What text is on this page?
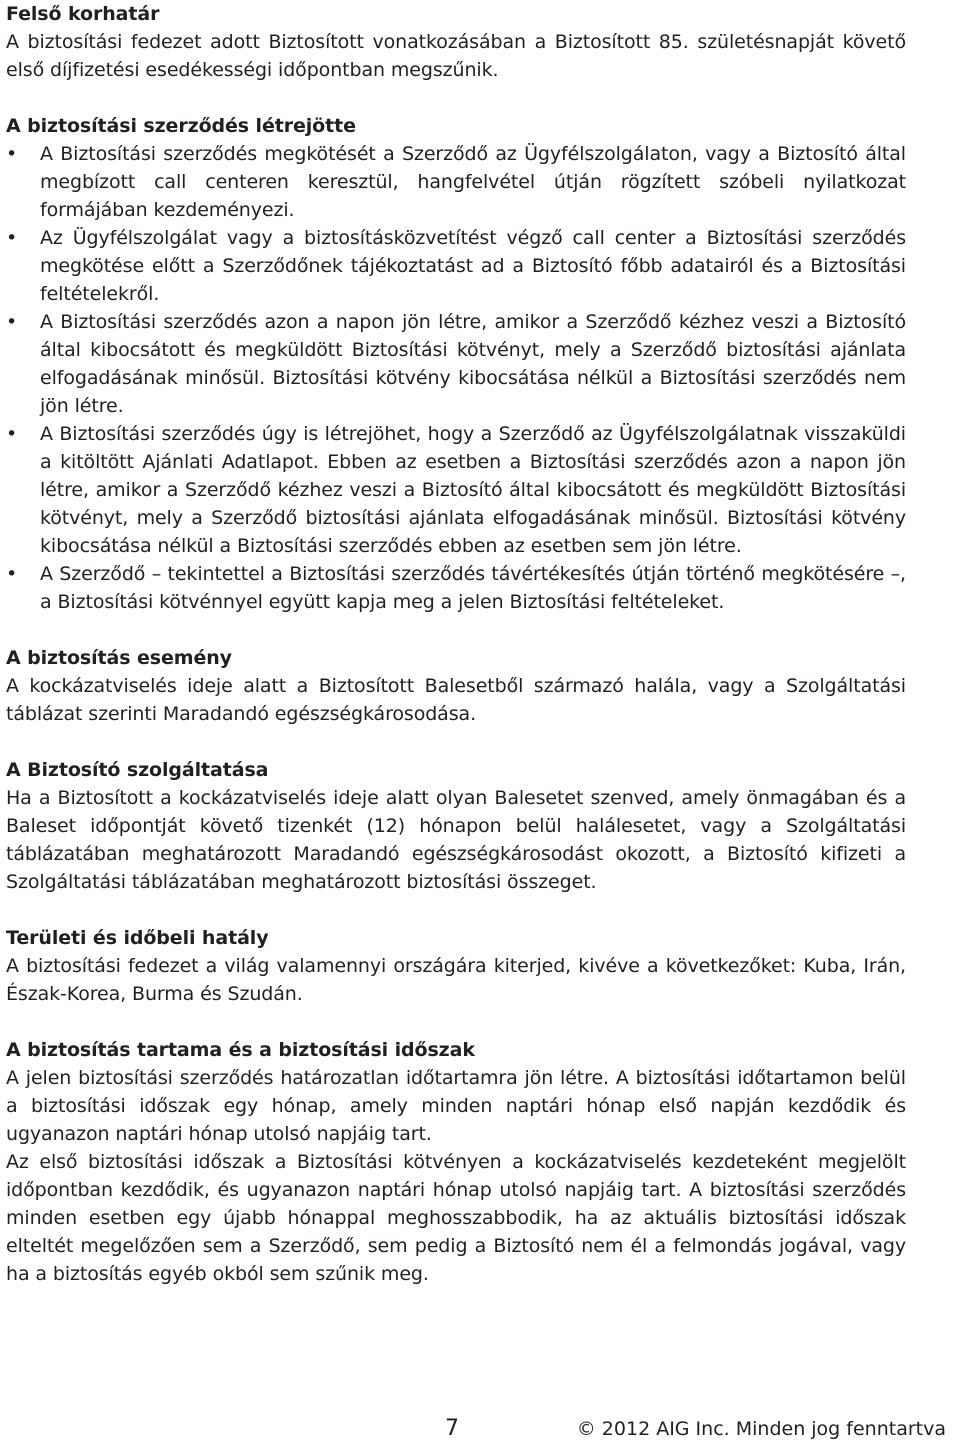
Felső korhatár

A biztosítási fedezet adott Biztosított vonatkozásában a Biztosított 85. születésnapját követő első díjfizetési esedékességi időpontban megszűnik.

A biztosítási szerződés létrejötte
•	A Biztosítási szerződés megkötését a Szerződő az Ügyfélszolgálaton, vagy a Biztosító által megbízott call centeren keresztül, hangfelvétel útján rögzített szóbeli nyilatkozat formájában kezdeményezi.
•	Az Ügyfélszolgálat vagy a biztosításközvetítést végző call center a Biztosítási szerződés megkötése előtt a Szerződőnek tájékoztatást ad a Biztosító főbb adatairól és a Biztosítási feltételekről.
•	A Biztosítási szerződés azon a napon jön létre, amikor a Szerződő kézhez veszi a Biztosító által kibocsátott és megküldött Biztosítási kötvényt, mely a Szerződő biztosítási ajánlata elfogadásának minősül. Biztosítási kötvény kibocsátása nélkül a Biztosítási szerződés nem jön létre.
•	A Biztosítási szerződés úgy is létrejöhet, hogy a Szerződő az Ügyfélszolgálatnak visszaküldi a kitöltött Ajánlati Adatlapot. Ebben az esetben a Biztosítási szerződés azon a napon jön létre, amikor a Szerződő kézhez veszi a Biztosító által kibocsátott és megküldött Biztosítási kötvényt, mely a Szerződő biztosítási ajánlata elfogadásának minősül. Biztosítási kötvény kibocsátása nélkül a Biztosítási szerződés ebben az esetben sem jön létre.
•	A Szerződő – tekintettel a Biztosítási szerződés távértékesítés útján történő megkötésére –, a Biztosítási kötvénnyel együtt kapja meg a jelen Biztosítási feltételeket.
A biztosítás esemény

A kockázatviselés ideje alatt a Biztosított Balesetből származó halála, vagy a Szolgáltatási táblázat szerinti Maradandó egészségkárosodása.

A Biztosító szolgáltatása

Ha a Biztosított a kockázatviselés ideje alatt olyan Balesetet szenved, amely önmagában és a Baleset időpontját követő tizenkét (12) hónapon belül halálesetet, vagy a Szolgáltatási táblázatában meghatározott Maradandó egészségkárosodást okozott, a Biztosító kifizeti a Szolgáltatási táblázatában meghatározott biztosítási összeget.

Területi és időbeli hatály

A biztosítási fedezet a világ valamennyi országára kiterjed, kivéve a következőket: Kuba, Irán, Észak-Korea, Burma és Szudán.

A biztosítás tartama és a biztosítási időszak

A jelen biztosítási szerződés határozatlan időtartamra jön létre. A biztosítási időtartamon belül a biztosítási időszak egy hónap, amely minden naptári hónap első napján kezdődik és ugyanazon naptári hónap utolsó napjáig tart.

Az első biztosítási időszak a Biztosítási kötvényen a kockázatviselés kezdeteként megjelölt időpontban kezdődik, és ugyanazon naptári hónap utolsó napjáig tart. A biztosítási szerződés minden esetben egy újabb hónappal meghosszabbodik, ha az aktuális biztosítási időszak elteltét megelőzően sem a Szerződő, sem pedig a Biztosító nem él a felmondás jogával, vagy ha a biztosítás egyéb okból sem szűnik meg.

7	© 2012 AIG Inc. Minden jog fenntartva
